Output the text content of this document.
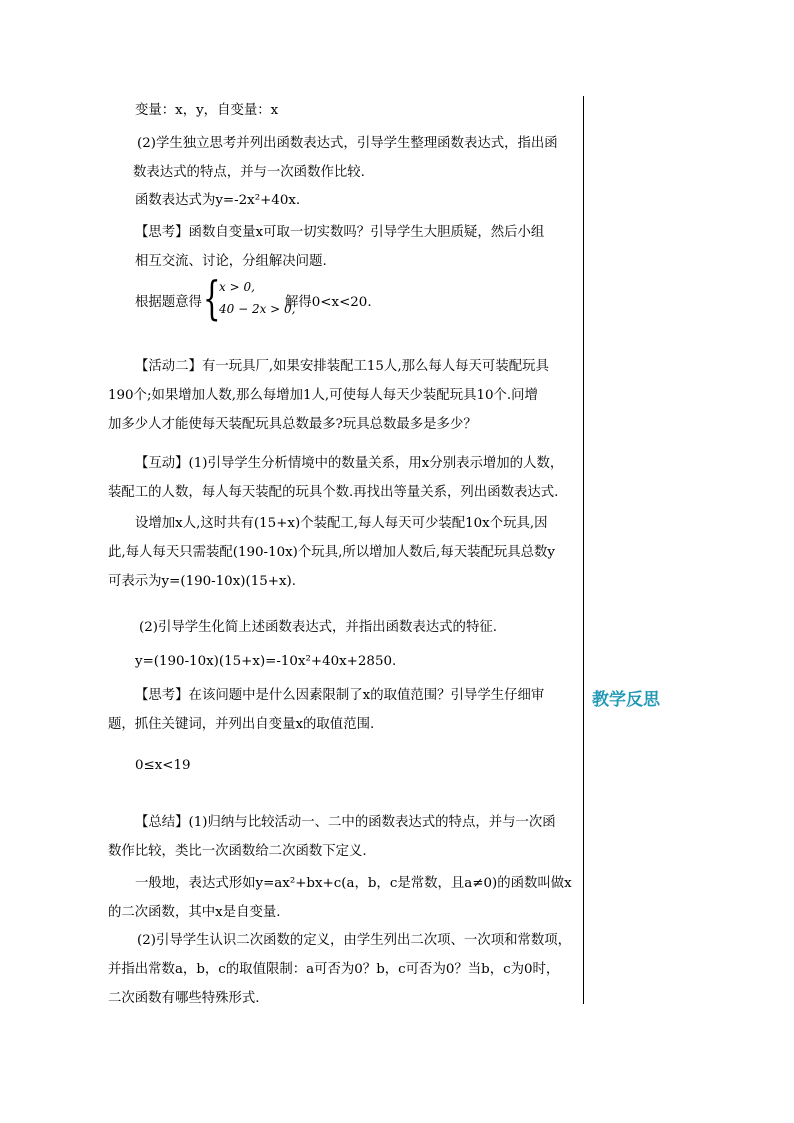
教学反思
变量：x，y，自变量：x
(2)学生独立思考并列出函数表达式，引导学生整理函数表达式，指出函
数表达式的特点，并与一次函数作比较.
函数表达式为y=-2x²+40x.
【思考】函数自变量x可取一切实数吗？引导学生大胆质疑，然后小组
相互交流、讨论，分组解决问题.
根据题意得 {
x > 0,
40 − 2x > 0,
解得0<x<20.
【活动二】有一玩具厂,如果安排装配工15人,那么每人每天可装配玩具
190个;如果增加人数,那么每增加1人,可使每人每天少装配玩具10个.问增
加多少人才能使每天装配玩具总数最多?玩具总数最多是多少？
【互动】(1)引导学生分析情境中的数量关系，用x分别表示增加的人数，
装配工的人数，每人每天装配的玩具个数.再找出等量关系，列出函数表达式.
设增加x人,这时共有(15+x)个装配工,每人每天可少装配10x个玩具,因
此,每人每天只需装配(190-10x)个玩具,所以增加人数后,每天装配玩具总数y
可表示为y=(190-10x)(15+x).
(2)引导学生化简上述函数表达式，并指出函数表达式的特征.
y=(190-10x)(15+x)=-10x²+40x+2850.
【思考】在该问题中是什么因素限制了x的取值范围？引导学生仔细审
题，抓住关键词，并列出自变量x的取值范围.
0≤x<19
【总结】(1)归纳与比较活动一、二中的函数表达式的特点，并与一次函
数作比较，类比一次函数给二次函数下定义.
一般地，表达式形如y=ax²+bx+c(a，b，c是常数，且a≠0)的函数叫做x
的二次函数，其中x是自变量.
(2)引导学生认识二次函数的定义，由学生列出二次项、一次项和常数项，
并指出常数a，b，c的取值限制：a可否为0？b，c可否为0？当b，c为0时，
二次函数有哪些特殊形式.
